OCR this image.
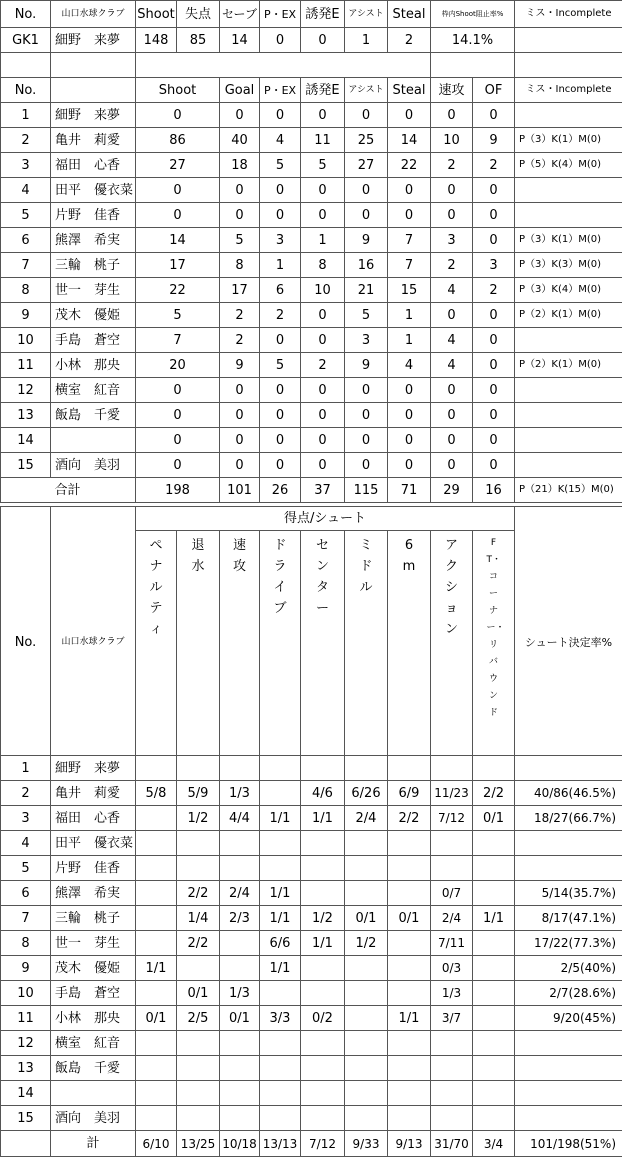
No.	山口水球クラブ	Shoot	失点	セーブ	P・EX	誘発E	アシスト	Steal	枠内Shoot阻止率%	ミス・Incomplete
GK1	細野　来夢	148	85	14	0	0	1	2	14.1%	

No.		Shoot	Goal	P・EX	誘発E	アシスト	Steal	速攻	OF	ミス・Incomplete
1	細野　来夢	0	0	0	0	0	0	0	0	
2	亀井　莉愛	86	40	4	11	25	14	10	9	P（3）K(1）M(0)
3	福田　心香	27	18	5	5	27	22	2	2	P（5）K(4）M(0)
4	田平　優衣菜	0	0	0	0	0	0	0	0	
5	片野　佳香	0	0	0	0	0	0	0	0	
6	熊澤　希実	14	5	3	1	9	7	3	0	P（3）K(1）M(0)
7	三輪　桃子	17	8	1	8	16	7	2	3	P（3）K(3）M(0)
8	世一　芽生	22	17	6	10	21	15	4	2	P（3）K(4）M(0)
9	茂木　優姫	5	2	2	0	5	1	0	0	P（2）K(1）M(0)
10	手島　蒼空	7	2	0	0	3	1	4	0	
11	小林　那央	20	9	5	2	9	4	4	0	P（2）K(1）M(0)
12	横室　紅音	0	0	0	0	0	0	0	0	
13	飯島　千愛	0	0	0	0	0	0	0	0	
14		0	0	0	0	0	0	0	0	
15	酒向　美羽	0	0	0	0	0	0	0	0	
	合計	198	101	26	37	115	71	29	16	P（21）K(15）M(0)
		得点/シュート									
No.	山口水球クラブ	ペナルティ	退水	速攻	ドライブ	センター	ミドル	6m	アクション	FT・コーナー・リバウンド	シュート決定率%
1	細野　来夢										
2	亀井　莉愛	5/8	5/9	1/3		4/6	6/26	6/9	11/23	2/2	40/86(46.5%)
3	福田　心香		1/2	4/4	1/1	1/1	2/4	2/2	7/12	0/1	18/27(66.7%)
4	田平　優衣菜										
5	片野　佳香										
6	熊澤　希実		2/2	2/4	1/1				0/7		5/14(35.7%)
7	三輪　桃子		1/4	2/3	1/1	1/2	0/1	0/1	2/4	1/1	8/17(47.1%)
8	世一　芽生		2/2		6/6	1/1	1/2		7/11		17/22(77.3%)
9	茂木　優姫	1/1			1/1				0/3		2/5(40%)
10	手島　蒼空		0/1	1/3					1/3		2/7(28.6%)
11	小林　那央	0/1	2/5	0/1	3/3	0/2		1/1	3/7		9/20(45%)
12	横室　紅音										
13	飯島　千愛										
14											
15	酒向　美羽										
	計	6/10	13/25	10/18	13/13	7/12	9/33	9/13	31/70	3/4	101/198(51%)
